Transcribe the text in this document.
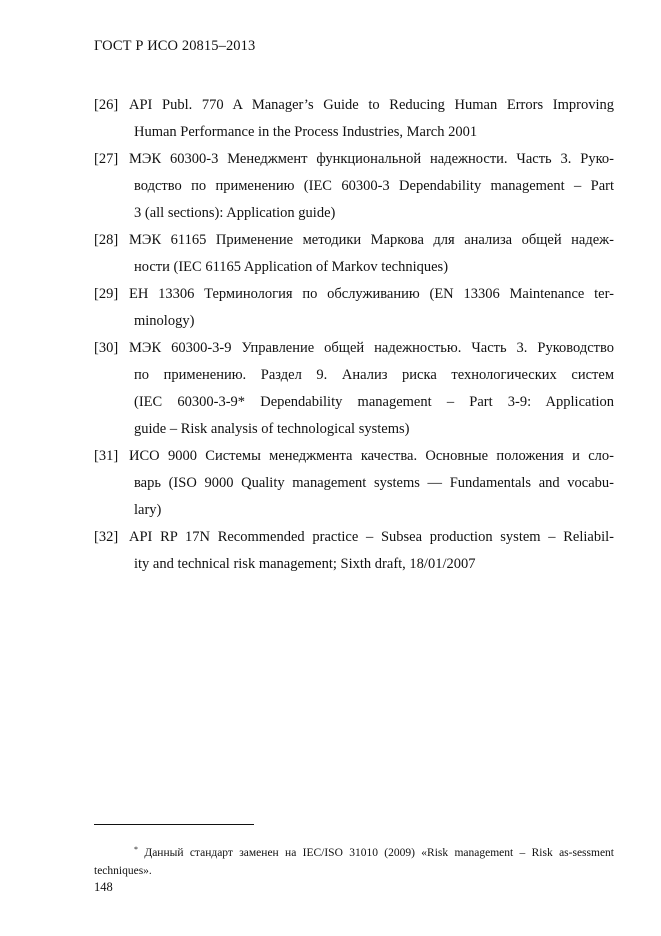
ГОСТ Р ИСО 20815–2013
[26] API Publ. 770 A Manager’s Guide to Reducing Human Errors Improving
Human Performance in the Process Industries, March 2001
[27] МЭК 60300-3 Менеджмент функциональной надежности. Часть 3. Руко-
водство по применению (IEC 60300-3 Dependability management – Part
3 (all sections): Application guide)
[28] МЭК 61165 Применение методики Маркова для анализа общей надеж-
ности (IEC 61165 Application of Markov techniques)
[29] ЕН 13306 Терминология по обслуживанию (EN 13306 Maintenance ter-
minology)
[30] МЭК 60300-3-9 Управление общей надежностью. Часть 3. Руководство
по применению. Раздел 9. Анализ риска технологических систем
(IEC 60300-3-9* Dependability management – Part 3-9: Application
guide – Risk analysis of technological systems)
[31] ИСО 9000 Системы менеджмента качества. Основные положения и сло-
варь (ISO 9000 Quality management systems — Fundamentals and vocabu-
lary)
[32] API RP 17N Recommended practice – Subsea production system – Reliabil-
ity and technical risk management; Sixth draft, 18/01/2007
* Данный стандарт заменен на IEC/ISO 31010 (2009) «Risk management – Risk as-sessment techniques».
148
